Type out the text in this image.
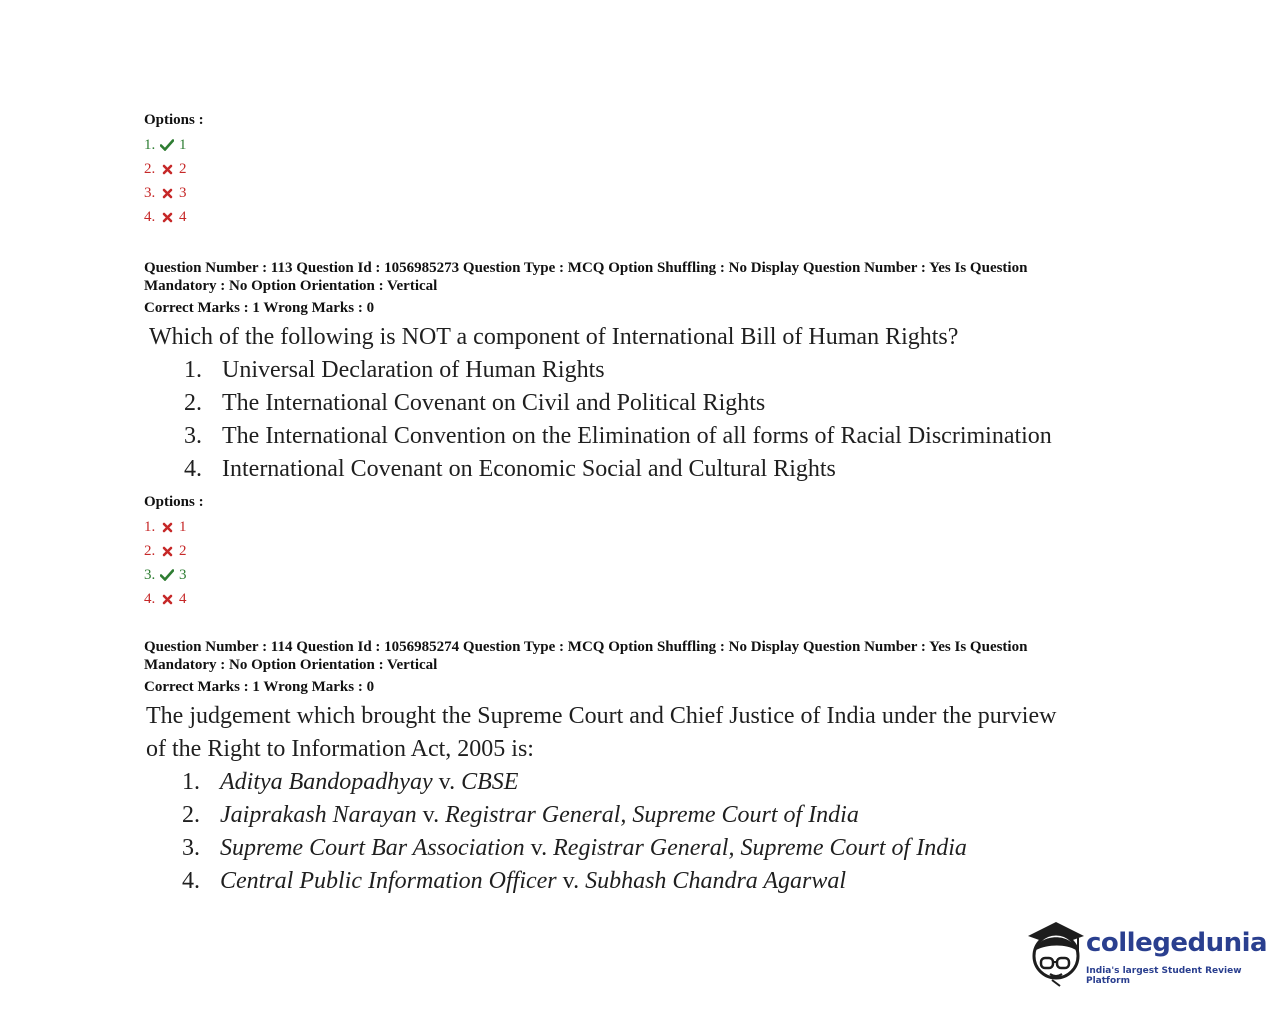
Options :
1. 1
2. 2
3. 3
4. 4
Question Number : 113 Question Id : 1056985273 Question Type : MCQ Option Shuffling : No Display Question Number : Yes Is Question
Mandatory : No Option Orientation : Vertical
Correct Marks : 1 Wrong Marks : 0
Which of the following is NOT a component of International Bill of Human Rights?
1. Universal Declaration of Human Rights
2. The International Covenant on Civil and Political Rights
3. The International Convention on the Elimination of all forms of Racial Discrimination
4. International Covenant on Economic Social and Cultural Rights
Options :
1. 1
2. 2
3. 3
4. 4
Question Number : 114 Question Id : 1056985274 Question Type : MCQ Option Shuffling : No Display Question Number : Yes Is Question
Mandatory : No Option Orientation : Vertical
Correct Marks : 1 Wrong Marks : 0
The judgement which brought the Supreme Court and Chief Justice of India under the purview
of the Right to Information Act, 2005 is:
1. Aditya Bandopadhyay v. CBSE
2. Jaiprakash Narayan v. Registrar General, Supreme Court of India
3. Supreme Court Bar Association v. Registrar General, Supreme Court of India
4. Central Public Information Officer v. Subhash Chandra Agarwal
collegedunia
India's largest Student Review Platform
